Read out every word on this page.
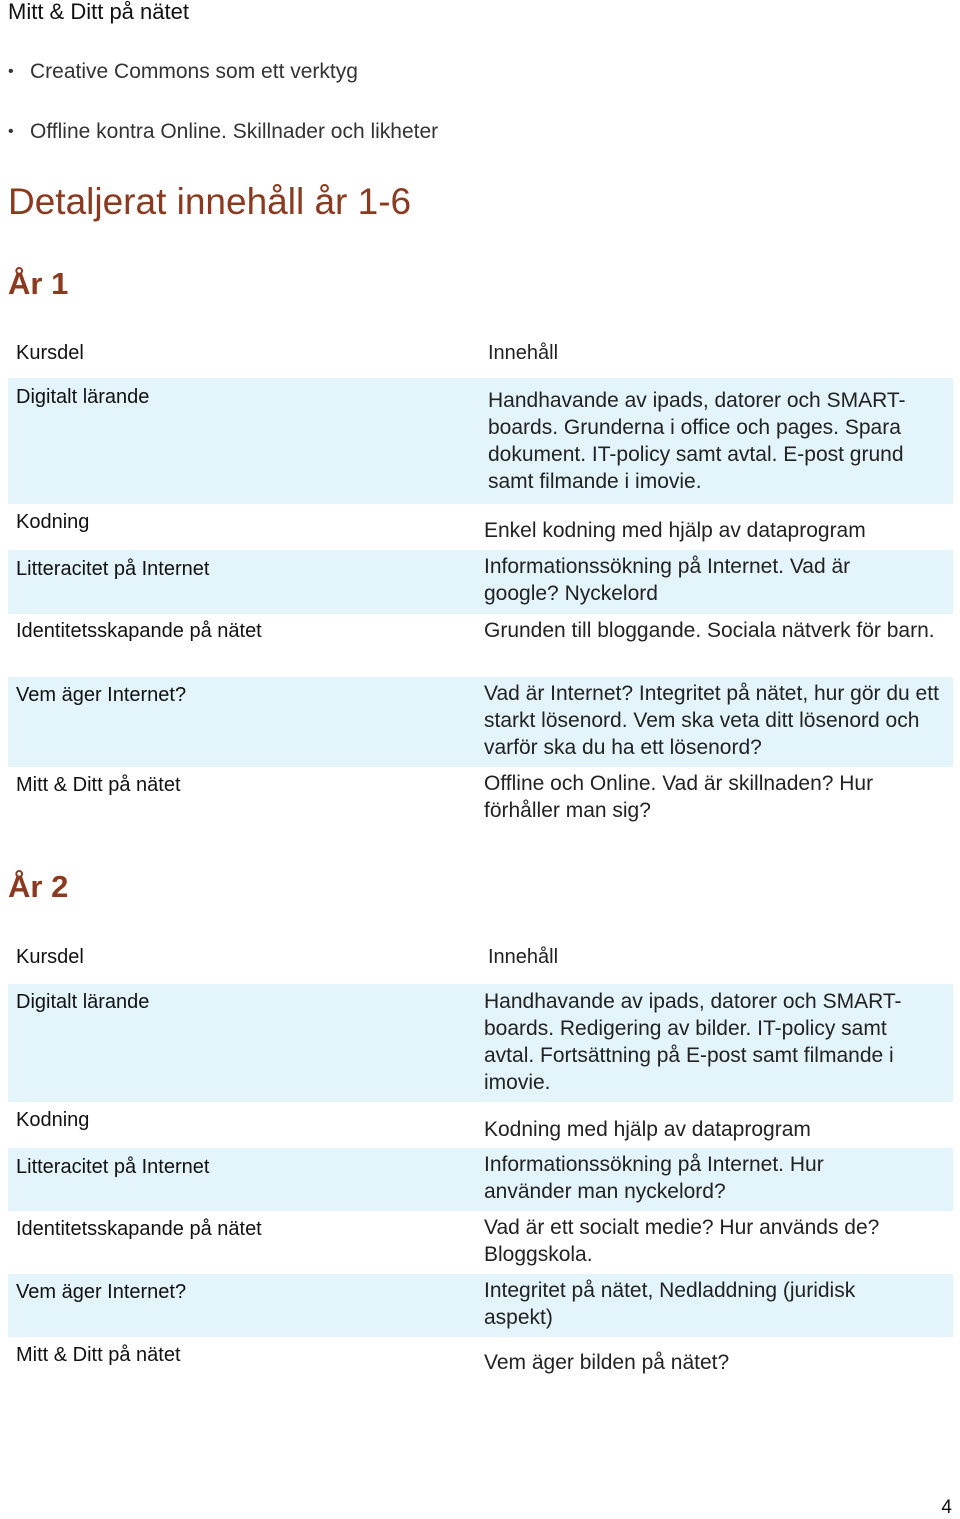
Mitt & Ditt på nätet
• Creative Commons som ett verktyg
• Offline kontra Online. Skillnader och likheter
Detaljerat innehåll år 1-6
År 1
Kursdel	Innehåll
Digitalt lärande	Handhavande av ipads, datorer och SMART-boards. Grunderna i office och pages. Spara dokument. IT-policy samt avtal. E-post grund samt filmande i imovie.
Kodning	Enkel kodning med hjälp av dataprogram
Litteracitet på Internet	Informationssökning på Internet. Vad är google? Nyckelord
Identitetsskapande på nätet	Grunden till bloggande. Sociala nätverk för barn.
Vem äger Internet?	Vad är Internet? Integritet på nätet, hur gör du ett starkt lösenord. Vem ska veta ditt lösenord och varför ska du ha ett lösenord?
Mitt & Ditt på nätet	Offline och Online. Vad är skillnaden? Hur förhåller man sig?
År 2
Kursdel	Innehåll
Digitalt lärande	Handhavande av ipads, datorer och SMART-boards. Redigering av bilder. IT-policy samt avtal. Fortsättning på E-post samt filmande i imovie.
Kodning	Kodning med hjälp av dataprogram
Litteracitet på Internet	Informationssökning på Internet. Hur använder man nyckelord?
Identitetsskapande på nätet	Vad är ett socialt medie? Hur används de? Bloggskola.
Vem äger Internet?	Integritet på nätet, Nedladdning (juridisk aspekt)
Mitt & Ditt på nätet	Vem äger bilden på nätet?
4
